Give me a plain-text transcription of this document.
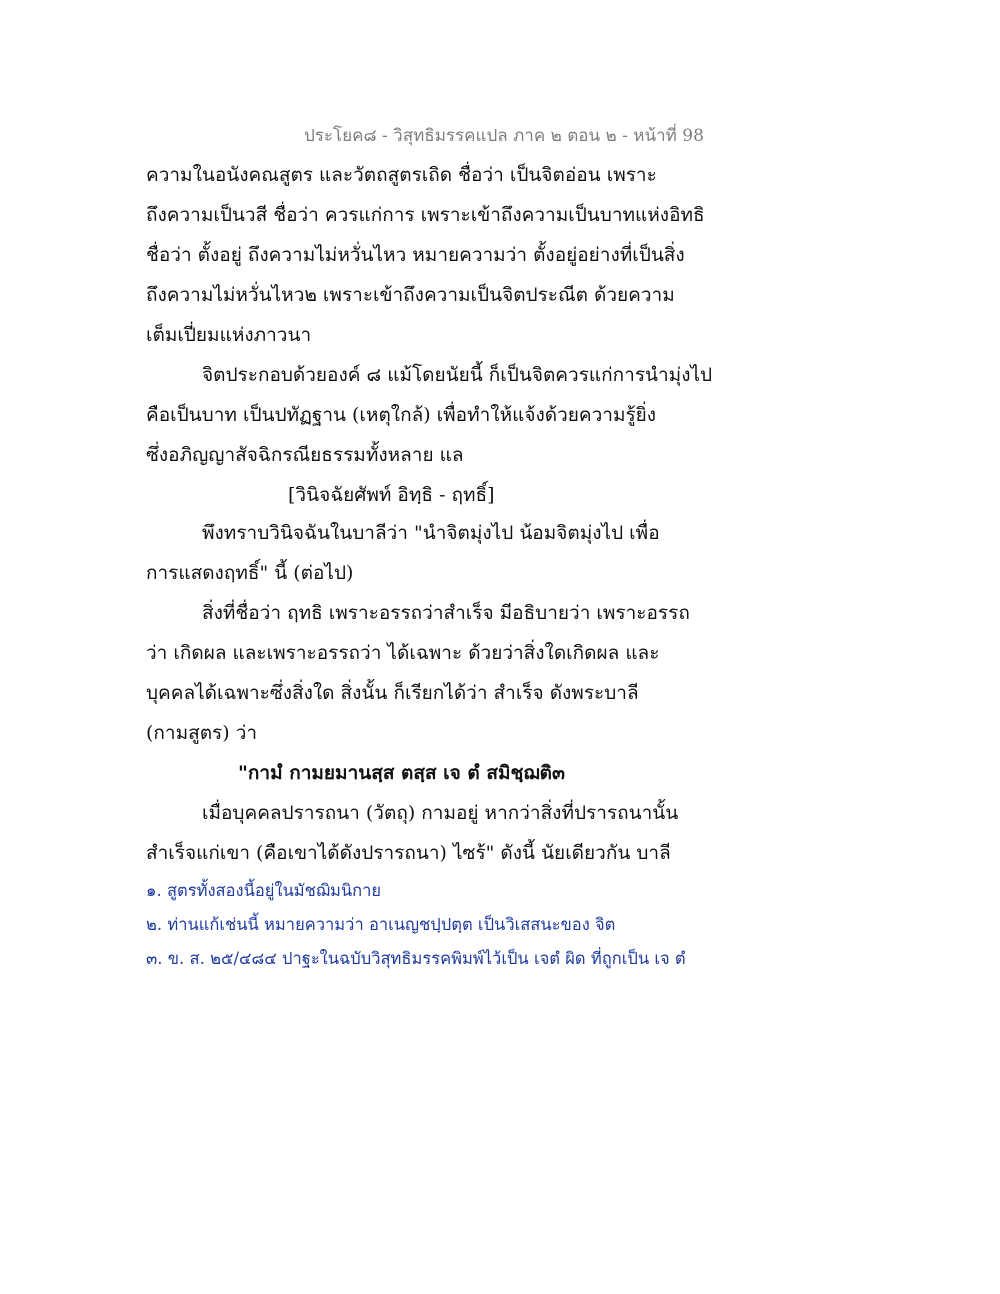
ประโยค๘ - วิสุทธิมรรคแปล ภาค ๒ ตอน ๒ - หน้าที่ 98
ความในอนังคณสูตร และวัตถสูตรเถิด ชื่อว่า เป็นจิตอ่อน เพราะ
ถึงความเป็นวสี ชื่อว่า ควรแก่การ เพราะเข้าถึงความเป็นบาทแห่งอิทธิ
ชื่อว่า ตั้งอยู่ ถึงความไม่หวั่นไหว หมายความว่า ตั้งอยู่อย่างที่เป็นสิ่ง
ถึงความไม่หวั่นไหว๒ เพราะเข้าถึงความเป็นจิตประณีต ด้วยความ
เต็มเปี่ยมแห่งภาวนา
จิตประกอบด้วยองค์ ๘ แม้โดยนัยนี้ ก็เป็นจิตควรแก่การนำมุ่งไป
คือเป็นบาท เป็นปทัฏฐาน (เหตุใกล้) เพื่อทำให้แจ้งด้วยความรู้ยิ่ง
ซึ่งอภิญญาสัจฉิกรณียธรรมทั้งหลาย แล
[วินิจฉัยศัพท์ อิทฺธิ - ฤทธิ์]
พึงทราบวินิจฉันในบาลีว่า "นำจิตมุ่งไป น้อมจิตมุ่งไป เพื่อ
การแสดงฤทธิ์" นี้ (ต่อไป)
สิ่งที่ชื่อว่า ฤทธิ เพราะอรรถว่าสำเร็จ มีอธิบายว่า เพราะอรรถ
ว่า เกิดผล และเพราะอรรถว่า ได้เฉพาะ ด้วยว่าสิ่งใดเกิดผล และ
บุคคลได้เฉพาะซึ่งสิ่งใด สิ่งนั้น ก็เรียกได้ว่า สำเร็จ ดังพระบาลี
(กามสูตร) ว่า
"กามํ กามยมานสฺส ตสฺส เจ ตํ สมิชฺฌติ๓
เมื่อบุคคลปรารถนา (วัตถุ) กามอยู่ หากว่าสิ่งที่ปรารถนานั้น
สำเร็จแก่เขา (คือเขาได้ดังปรารถนา) ไซร้" ดังนี้ นัยเดียวกัน บาลี
๑. สูตรทั้งสองนี้อยู่ในมัชฌิมนิกาย
๒. ท่านแก้เช่นนี้ หมายความว่า อาเนญชปฺปตฺต เป็นวิเสสนะของ จิต
๓. ข. ส. ๒๕/๔๘๔ ปาฐะในฉบับวิสุทธิมรรคพิมพ์ไว้เป็น เจตํ ผิด ที่ถูกเป็น เจ ตํ
